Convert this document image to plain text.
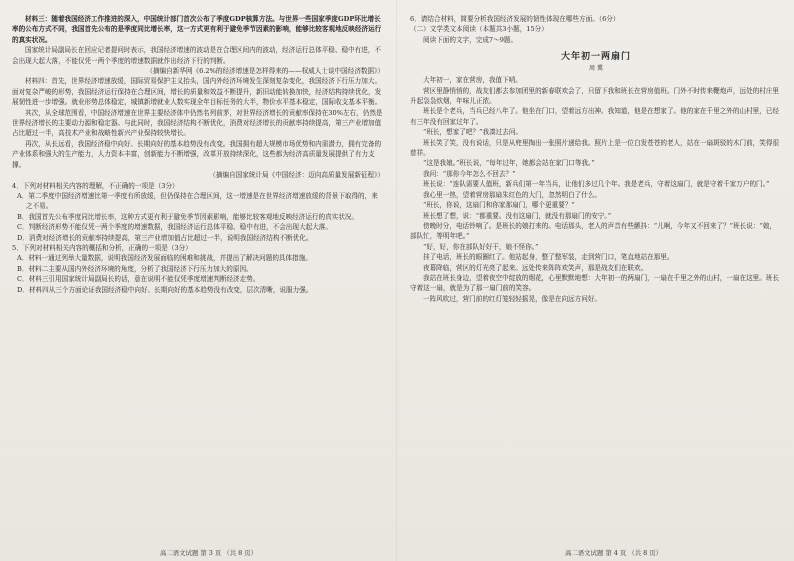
材料三：随着我国经济工作推进的深入，中国统计部门首次公布了季度GDP核算方法。与世界一些国家季度GDP环比增长率的公布方式不同，我国首先公布的是季度同比增长率，这一方式更有利于避免季节因素的影响，能够比较客观地反映经济运行的真实状况。

国家统计局副局长在回应记者提问时表示，我国经济增速的波动是在合理区间内的波动，经济运行总体平稳、稳中有进，不会出现大起大落，不能仅凭一两个季度的增速数据就作出经济下行的判断。

（摘编自新华网《6.2%的经济增速是怎样得来的——权威人士谈中国经济数据》）

材料四：首先，世界经济增速放缓，国际贸易保护主义抬头，国内外经济环境发生深刻复杂变化，我国经济下行压力加大。面对复杂严峻的形势，我国经济运行保持在合理区间，增长的质量和效益不断提升，新旧动能转换加快，经济结构持续优化，发展韧性进一步增强。就业形势总体稳定，城镇新增就业人数实现全年目标任务的大半，物价水平基本稳定，国际收支基本平衡。

其次，从全球范围看，中国经济增速在世界主要经济体中仍然名列前茅，对世界经济增长的贡献率保持在30%左右，仍然是世界经济增长的主要动力源和稳定器。与此同时，我国经济结构不断优化，消费对经济增长的贡献率持续提高，第三产业增加值占比超过一半，高技术产业和战略性新兴产业保持较快增长。

再次，从长远看，我国经济稳中向好、长期向好的基本趋势没有改变。我国拥有超大规模市场优势和内需潜力，拥有完备的产业体系和强大的生产能力，人力资本丰富，创新能力不断增强，改革开放持续深化，这些都为经济高质量发展提供了有力支撑。

（摘编自国家统计局《中国经济：迈向高质量发展新征程》）

4．下列对材料相关内容的理解，不正确的一项是（3分）

A．第二季度中国经济增速比第一季度有所放缓，但仍保持在合理区间，这一增速是在世界经济增速放缓的背景下取得的，来之不易。

B．我国首先公布季度同比增长率，这种方式更有利于避免季节因素影响，能够比较客观地反映经济运行的真实状况。

C．判断经济形势不能仅凭一两个季度的增速数据，我国经济运行总体平稳、稳中有进，不会出现大起大落。

D．消费对经济增长的贡献率持续提高，第三产业增加值占比超过一半，说明我国经济结构不断优化。

5．下列对材料相关内容的概括和分析，正确的一项是（3分）

A．材料一通过列举大量数据，说明我国经济发展面临的困难和挑战，并提出了解决问题的具体措施。

B．材料二主要从国内外经济环境的角度，分析了我国经济下行压力加大的原因。

C．材料三引用国家统计局副局长的话，意在说明不能仅凭季度增速判断经济走势。

D．材料四从三个方面论证我国经济稳中向好、长期向好的基本趋势没有改变，层次清晰，说服力强。

高二语文试题 第 3 页 （共 8 页）

6．请结合材料，简要分析我国经济发展的韧性体现在哪些方面。（6分）

（二）文学类文本阅读（本题共3小题，15分）

阅读下面的文字，完成7～9题。

大年初一两扇门
周 冀

大年初一，家在营房，我值下哨。

营区里静悄悄的，战友们都去参加团里的新春联欢会了，只留下我和班长在营房值班。门外不时传来鞭炮声，远处的村庄里升起袅袅炊烟，年味儿正浓。

班长是个老兵，当兵已经八年了。他坐在门口，望着远方出神。我知道，他是在想家了。他的家在千里之外的山村里，已经有三年没有回家过年了。

“班长，想家了吧？”我凑过去问。

班长笑了笑，没有说话，只是从兜里掏出一张照片递给我。照片上是一位白发苍苍的老人，站在一扇斑驳的木门前，笑得很慈祥。

“这是我娘。”班长说，“每年过年，她都会站在家门口等我。”

我问：“那你今年怎么不回去？”

班长说：“连队需要人值班，新兵们第一年当兵，让他们多过几个年。我是老兵，守着这扇门，就是守着千家万户的门。”

我心里一热，望着营房那扇朱红色的大门，忽然明白了什么。

“班长，你说，这扇门和你家那扇门，哪个更重要？”

班长想了想，说：“都重要。没有这扇门，就没有那扇门的安宁。”

傍晚时分，电话铃响了。是班长的娘打来的。电话那头，老人的声音有些颤抖：“儿啊，今年又不回来了？”班长说：“娘，部队忙，等明年吧。”

“好，好，你在部队好好干，娘不怪你。”

挂了电话，班长的眼圈红了。他站起身，整了整军装，走到营门口，笔直地站在那里。

夜幕降临，营区的灯光亮了起来。远处传来阵阵欢笑声，那是战友们在联欢。

我站在班长身边，望着夜空中绽放的烟花，心里默默地想：大年初一的两扇门，一扇在千里之外的山村，一扇在这里。班长守着这一扇，就是为了那一扇门前的笑容。

一阵风吹过，营门前的红灯笼轻轻摇晃，像是在向远方问好。

高二语文试题 第 4 页 （共 8 页）
